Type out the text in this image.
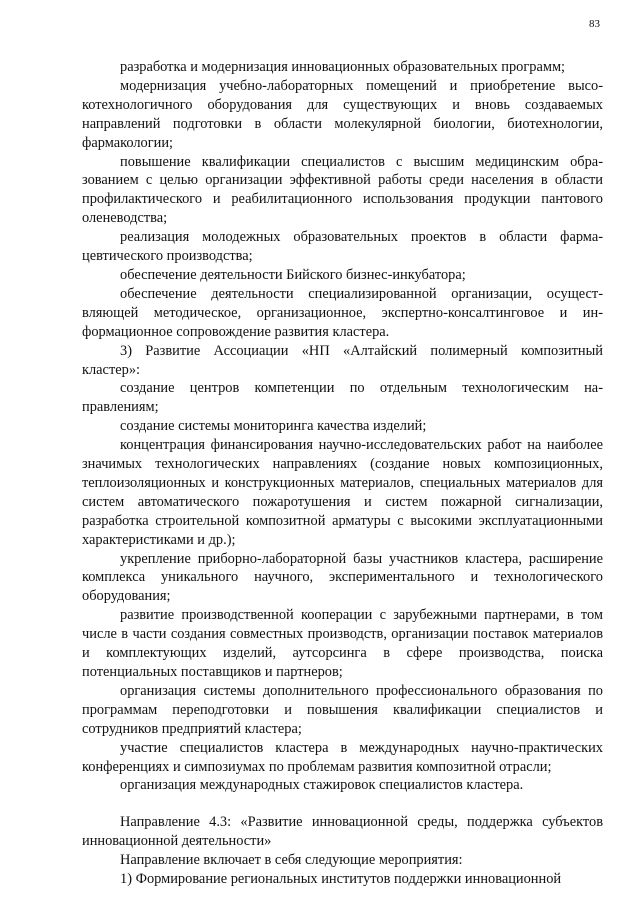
83

разработка и модернизация инновационных образовательных программ;

модернизация учебно-лабораторных помещений и приобретение высокотехнологичного оборудования для существующих и вновь создаваемых направлений подготовки в области молекулярной биологии, биотехнологии, фармакологии;

повышение квалификации специалистов с высшим медицинским образованием с целью организации эффективной работы среди населения в области профилактического и реабилитационного использования продукции пантового оленеводства;

реализация молодежных образовательных проектов в области фармацевтического производства;

обеспечение деятельности Бийского бизнес-инкубатора;

обеспечение деятельности специализированной организации, осуществляющей методическое, организационное, экспертно-консалтинговое и информационное сопровождение развития кластера.

3) Развитие Ассоциации «НП «Алтайский полимерный композитный кластер»:

создание центров компетенции по отдельным технологическим направлениям;

создание системы мониторинга качества изделий;

концентрация финансирования научно-исследовательских работ на наиболее значимых технологических направлениях (создание новых композиционных, теплоизоляционных и конструкционных материалов, специальных материалов для систем автоматического пожаротушения и систем пожарной сигнализации, разработка строительной композитной арматуры с высокими эксплуатационными характеристиками и др.);

укрепление приборно-лабораторной базы участников кластера, расширение комплекса уникального научного, экспериментального и технологического оборудования;

развитие производственной кооперации с зарубежными партнерами, в том числе в части создания совместных производств, организации поставок материалов и комплектующих изделий, аутсорсинга в сфере производства, поиска потенциальных поставщиков и партнеров;

организация системы дополнительного профессионального образования по программам переподготовки и повышения квалификации специалистов и сотрудников предприятий кластера;

участие специалистов кластера в международных научно-практических конференциях и симпозиумах по проблемам развития композитной отрасли;

организация международных стажировок специалистов кластера.

Направление 4.3: «Развитие инновационной среды, поддержка субъектов инновационной деятельности»

Направление включает в себя следующие мероприятия:

1) Формирование региональных институтов поддержки инновационной
